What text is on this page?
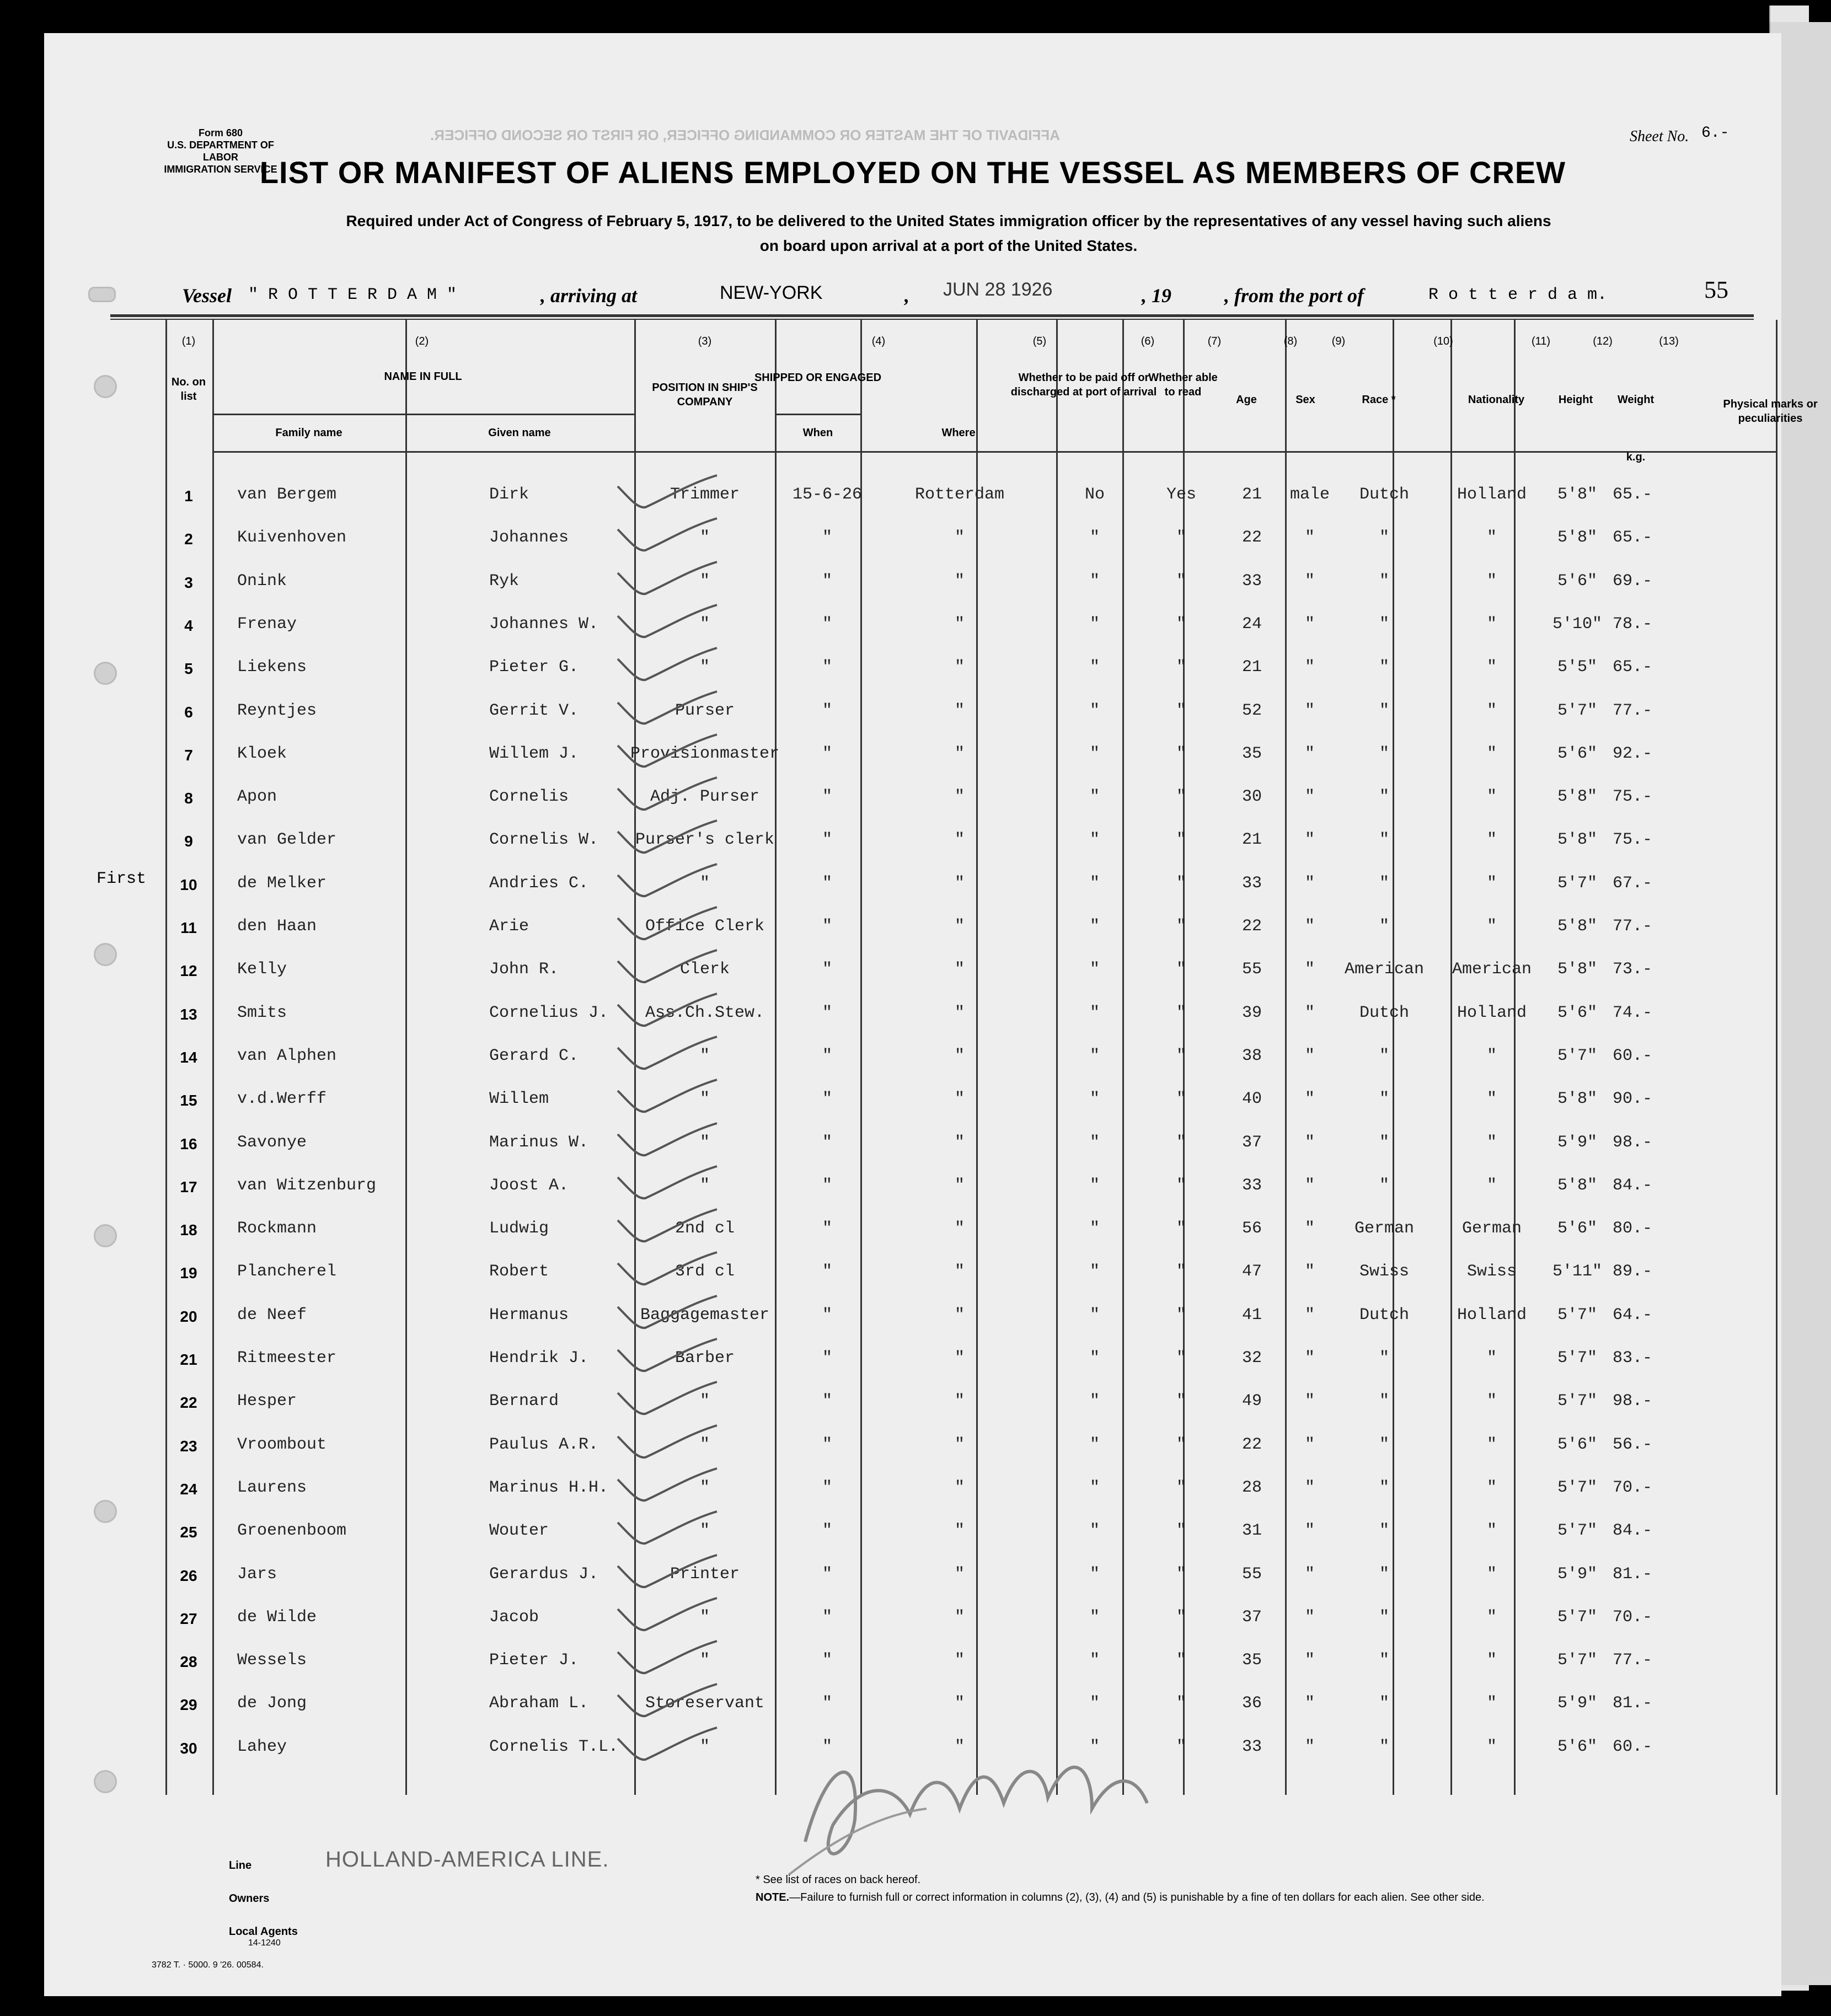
Form 680
U.S. DEPARTMENT OF LABOR
IMMIGRATION SERVICE
AFFIDAVIT OF THE MASTER OR COMMANDING OFFICER, OR FIRST OR SECOND OFFICER.	Sheet No. 6.-
LIST OR MANIFEST OF ALIENS EMPLOYED ON THE VESSEL AS MEMBERS OF CREW
Required under Act of Congress of February 5, 1917, to be delivered to the United States immigration officer by the representatives of any vessel having such aliens
on board upon arrival at a port of the United States.
Vessel " R O T T E R D A M "	, arriving at	NEW-YORK	, JUN 28 1926	, 19	, from the port of	R o t t e r d a m.	55
(1)	(2)	(3)	(4)	(5)	(6)	(7)	(8)	(9)	(10)	(11)	(12)	(13)
No. on list
NAME IN FULL
Family name	Given name
POSITION IN SHIP'S COMPANY
SHIPPED OR ENGAGED
When	Where
Whether to be paid off or discharged at port of arrival
Whether able to read
Age	Sex	Race *	Nationality	Height	Weight
k.g.
Physical marks or peculiarities
1	van Bergem	Dirk	Trimmer	15-6-26	Rotterdam	No	Yes	21	male	Dutch	Holland	5'8" 65.-
2	Kuivenhoven	Johannes	"	"	"	"	"	22	"	"	"	5'8" 65.-
3	Onink	Ryk	"	"	"	"	"	33	"	"	"	5'6" 69.-
4	Frenay	Johannes W.	"	"	"	"	"	24	"	"	"	5'10" 78.-
5	Liekens	Pieter G.	"	"	"	"	"	21	"	"	"	5'5" 65.-
6	Reyntjes	Gerrit V.	Purser	"	"	"	"	52	"	"	"	5'7" 77.-
7	Kloek	Willem J.	Provisionmaster	"	"	"	"	35	"	"	"	5'6" 92.-
8	Apon	Cornelis	Adj. Purser	"	"	"	"	30	"	"	"	5'8" 75.-
9	van Gelder	Cornelis W.	Purser's clerk	"	"	"	"	21	"	"	"	5'8" 75.-
10	de Melker	Andries C.	"	"	"	"	"	33	"	"	"	5'7" 67.-
11	den Haan	Arie	Office Clerk	"	"	"	"	22	"	"	"	5'8" 77.-
12	Kelly	John R.	Clerk	"	"	"	"	55	"	American	American	5'8" 73.-
13	Smits	Cornelius J.	Ass.Ch.Stew.	"	"	"	"	39	"	Dutch	Holland	5'6" 74.-
14	van Alphen	Gerard C.	"	"	"	"	"	38	"	"	"	5'7" 60.-
15	v.d.Werff	Willem	"	"	"	"	"	40	"	"	"	5'8" 90.-
16	Savonye	Marinus W.	"	"	"	"	"	37	"	"	"	5'9" 98.-
17	van Witzenburg	Joost A.	"	"	"	"	"	33	"	"	"	5'8" 84.-
18	Rockmann	Ludwig	2nd cl	"	"	"	"	56	"	German	German	5'6" 80.-
19	Plancherel	Robert	3rd cl	"	"	"	"	47	"	Swiss	Swiss	5'11" 89.-
20	de Neef	Hermanus	Baggagemaster	"	"	"	"	41	"	Dutch	Holland	5'7" 64.-
21	Ritmeester	Hendrik J.	Barber	"	"	"	"	32	"	"	"	5'7" 83.-
22	Hesper	Bernard	"	"	"	"	"	49	"	"	"	5'7" 98.-
23	Vroombout	Paulus A.R.	"	"	"	"	"	22	"	"	"	5'6" 56.-
24	Laurens	Marinus H.H.	"	"	"	"	"	28	"	"	"	5'7" 70.-
25	Groenenboom	Wouter	"	"	"	"	"	31	"	"	"	5'7" 84.-
26	Jars	Gerardus J.	Printer	"	"	"	"	55	"	"	"	5'9" 81.-
27	de Wilde	Jacob	"	"	"	"	"	37	"	"	"	5'7" 70.-
28	Wessels	Pieter J.	"	"	"	"	"	35	"	"	"	5'7" 77.-
29	de Jong	Abraham L.	Storeservant	"	"	"	"	36	"	"	"	5'9" 81.-
30	Lahey	Cornelis T.L.	"	"	"	"	"	33	"	"	"	5'6" 60.-
First
Line
Owners
Local Agents
14-1240
HOLLAND-AMERICA LINE.
* See list of races on back hereof.
NOTE.—Failure to furnish full or correct information in columns (2), (3), (4) and (5) is punishable by a fine of ten dollars for each alien. See other side.
3782 T. · 5000. 9 '26. 00584.
